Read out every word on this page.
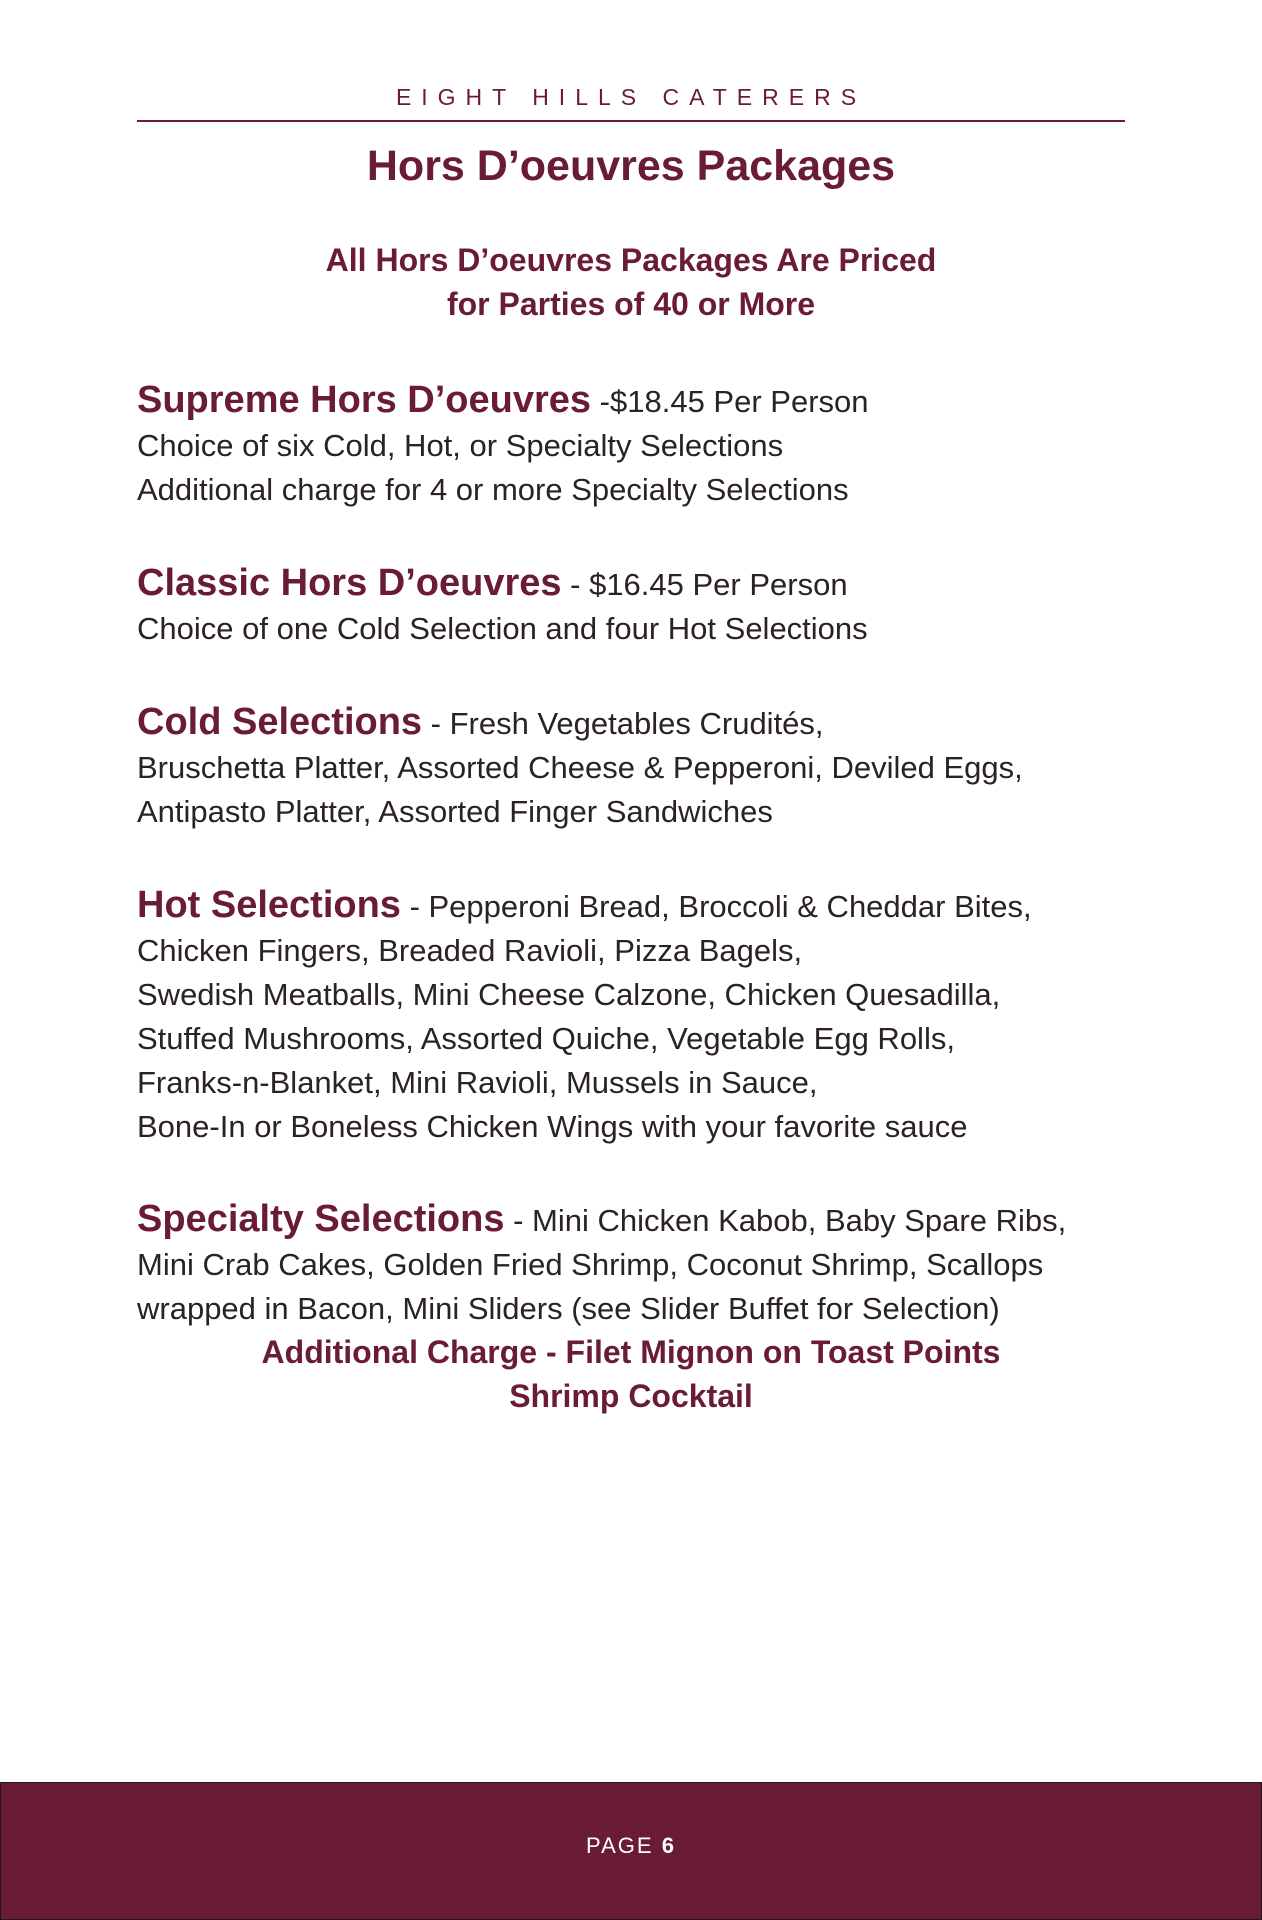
EIGHT HILLS CATERERS
Hors D’oeuvres Packages
All Hors D’oeuvres Packages Are Priced
for Parties of 40 or More
Supreme Hors D’oeuvres -$18.45 Per Person
Choice of six Cold, Hot, or Specialty Selections
Additional charge for 4 or more Specialty Selections
Classic Hors D’oeuvres - $16.45 Per Person
Choice of one Cold Selection and four Hot Selections
Cold Selections - Fresh Vegetables Crudités,
Bruschetta Platter, Assorted Cheese & Pepperoni, Deviled Eggs,
Antipasto Platter, Assorted Finger Sandwiches
Hot Selections - Pepperoni Bread, Broccoli & Cheddar Bites,
Chicken Fingers, Breaded Ravioli, Pizza Bagels,
Swedish Meatballs, Mini Cheese Calzone, Chicken Quesadilla,
Stuffed Mushrooms, Assorted Quiche, Vegetable Egg Rolls,
Franks-n-Blanket, Mini Ravioli, Mussels in Sauce,
Bone-In or Boneless Chicken Wings with your favorite sauce
Specialty Selections - Mini Chicken Kabob, Baby Spare Ribs,
Mini Crab Cakes, Golden Fried Shrimp, Coconut Shrimp, Scallops
wrapped in Bacon, Mini Sliders (see Slider Buffet for Selection)
Additional Charge - Filet Mignon on Toast Points
Shrimp Cocktail
PAGE 6
